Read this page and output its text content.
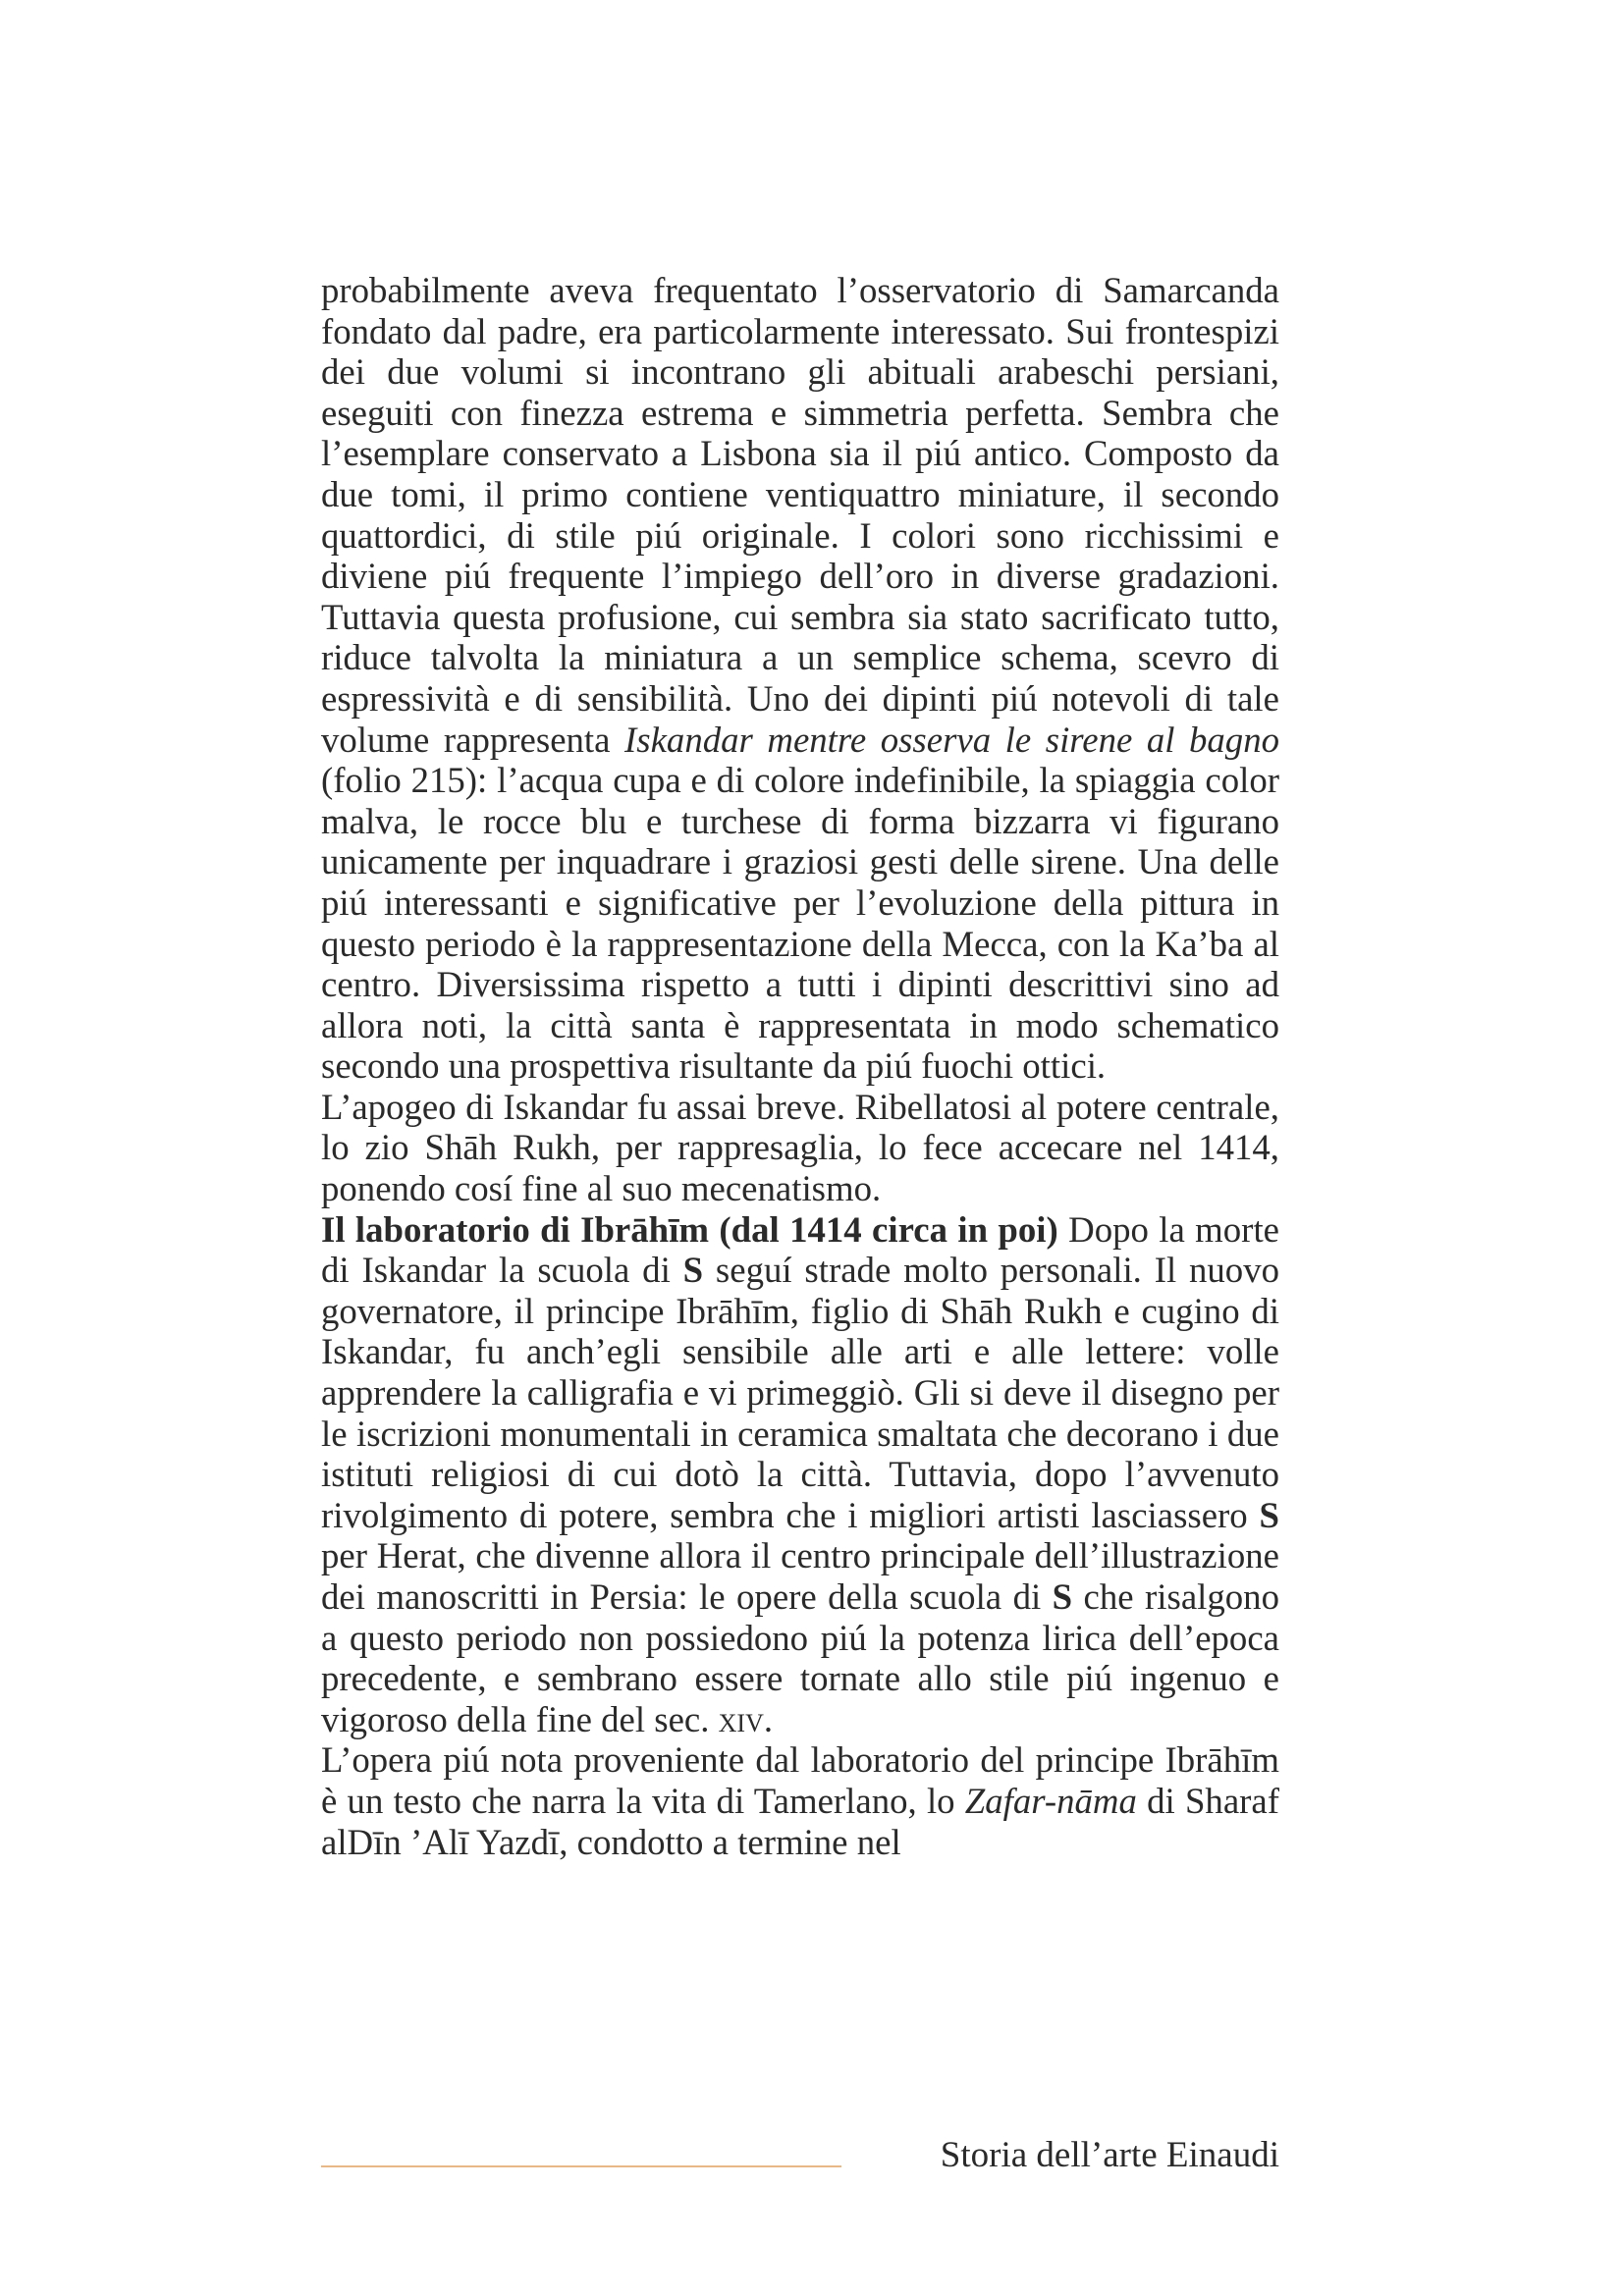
probabilmente aveva frequentato l’osservatorio di Samarcanda fondato dal padre, era particolarmente interessato. Sui frontespizi dei due volumi si incontrano gli abituali arabeschi persiani, eseguiti con finezza estrema e simmetria perfetta. Sembra che l’esemplare conservato a Lisbona sia il piú antico. Composto da due tomi, il primo contiene ventiquattro miniature, il secondo quattordici, di stile piú originale. I colori sono ricchissimi e diviene piú frequente l’impiego dell’oro in diverse gradazioni. Tuttavia questa profusione, cui sembra sia stato sacrificato tutto, riduce talvolta la miniatura a un semplice schema, scevro di espressività e di sensibilità. Uno dei dipinti piú notevoli di tale volume rappresenta Iskandar mentre osserva le sirene al bagno (folio 215): l’acqua cupa e di colore indefinibile, la spiaggia color malva, le rocce blu e turchese di forma bizzarra vi figurano unicamente per inquadrare i graziosi gesti delle sirene. Una delle piú interessanti e significative per l’evoluzione della pittura in questo periodo è la rappresentazione della Mecca, con la Ka’ba al centro. Diversissima rispetto a tutti i dipinti descrittivi sino ad allora noti, la città santa è rappresentata in modo schematico secondo una prospettiva risultante da piú fuochi ottici.

L’apogeo di Iskandar fu assai breve. Ribellatosi al potere centrale, lo zio Shāh Rukh, per rappresaglia, lo fece accecare nel 1414, ponendo cosí fine al suo mecenatismo.

Il laboratorio di Ibrāhīm (dal 1414 circa in poi) Dopo la morte di Iskandar la scuola di S seguí strade molto personali. Il nuovo governatore, il principe Ibrāhīm, figlio di Shāh Rukh e cugino di Iskandar, fu anch’egli sensibile alle arti e alle lettere: volle apprendere la calligrafia e vi primeggiò. Gli si deve il disegno per le iscrizioni monumentali in ceramica smaltata che decorano i due istituti religiosi di cui dotò la città. Tuttavia, dopo l’avvenuto rivolgimento di potere, sembra che i migliori artisti lasciassero S per Herat, che divenne allora il centro principale dell’illustrazione dei manoscritti in Persia: le opere della scuola di S che risalgono a questo periodo non possiedono piú la potenza lirica dell’epoca precedente, e sembrano essere tornate allo stile piú ingenuo e vigoroso della fine del sec. xiv.

L’opera piú nota proveniente dal laboratorio del principe Ibrāhīm è un testo che narra la vita di Tamerlano, lo Zafar-nāma di Sharaf alDīn ’Alī Yazdī, condotto a termine nel

Storia dell’arte Einaudi
